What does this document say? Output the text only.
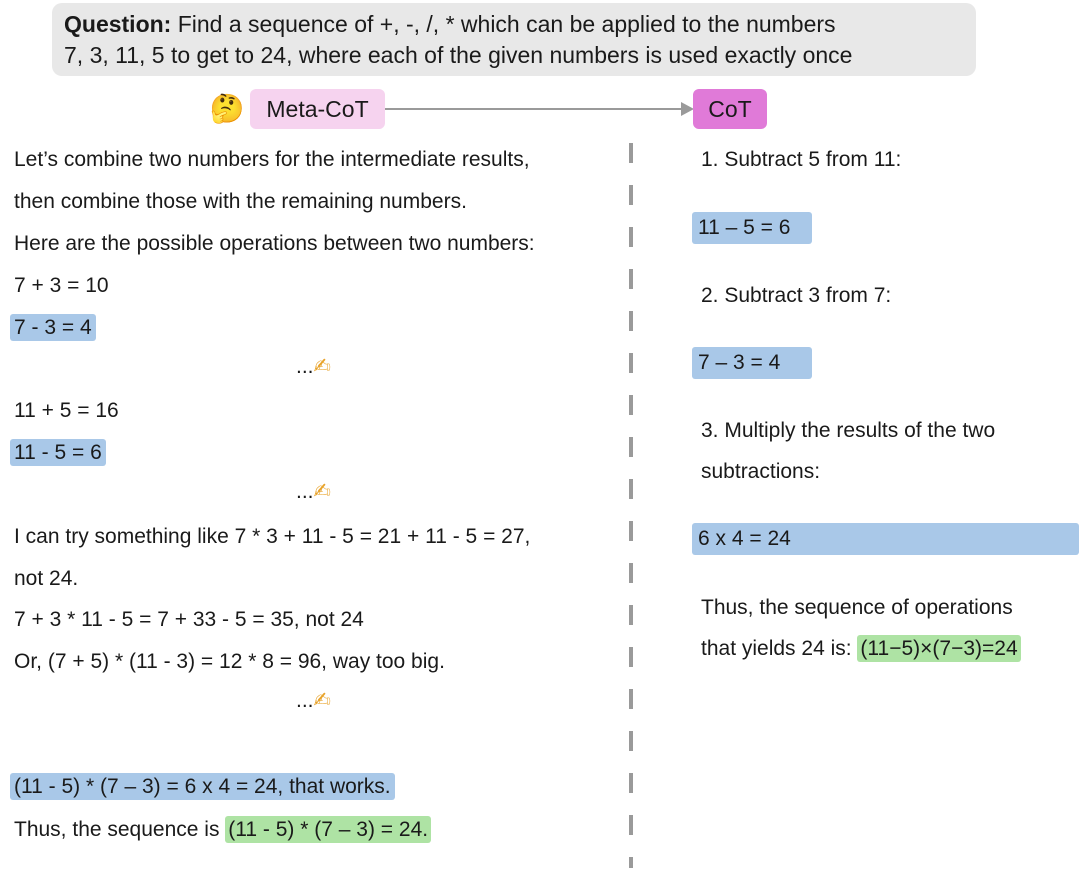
Question: Find a sequence of +, -, /, * which can be applied to the numbers
7, 3, 11, 5 to get to 24, where each of the given numbers is used exactly once
🤔 Meta-CoT	CoT
Let’s combine two numbers for the intermediate results,
then combine those with the remaining numbers.
Here are the possible operations between two numbers:
7 + 3 = 10
7 - 3 = 4
...✍
11 + 5 = 16
11 - 5 = 6
...✍
I can try something like 7 * 3 + 11 - 5 = 21 + 11 - 5 = 27,
not 24.
7 + 3 * 11 - 5 = 7 + 33 - 5 = 35, not 24
Or, (7 + 5) * (11 - 3) = 12 * 8 = 96, way too big.
...✍
(11 - 5) * (7 – 3) = 6 x 4 = 24, that works.
Thus, the sequence is (11 - 5) * (7 – 3) = 24.
1. Subtract 5 from 11:
11 – 5 = 6
2. Subtract 3 from 7:
7 – 3 = 4
3. Multiply the results of the two
subtractions:
6 x 4 = 24
Thus, the sequence of operations
that yields 24 is: (11−5)×(7−3)=24
